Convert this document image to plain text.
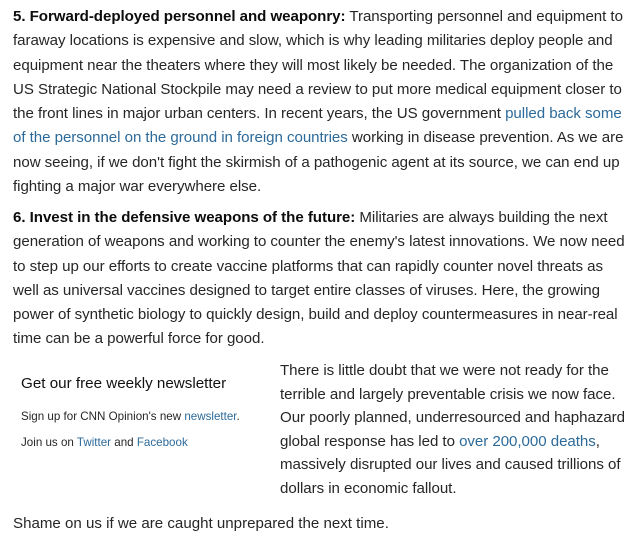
5. Forward-deployed personnel and weaponry: Transporting personnel and equipment to faraway locations is expensive and slow, which is why leading militaries deploy people and equipment near the theaters where they will most likely be needed. The organization of the US Strategic National Stockpile may need a review to put more medical equipment closer to the front lines in major urban centers. In recent years, the US government pulled back some of the personnel on the ground in foreign countries working in disease prevention. As we are now seeing, if we don't fight the skirmish of a pathogenic agent at its source, we can end up fighting a major war everywhere else.

6. Invest in the defensive weapons of the future: Militaries are always building the next generation of weapons and working to counter the enemy's latest innovations. We now need to step up our efforts to create vaccine platforms that can rapidly counter novel threats as well as universal vaccines designed to target entire classes of viruses. Here, the growing power of synthetic biology to quickly design, build and deploy countermeasures in near-real time can be a powerful force for good.

Get our free weekly newsletter

Sign up for CNN Opinion's new newsletter.

Join us on Twitter and Facebook

There is little doubt that we were not ready for the terrible and largely preventable crisis we now face. Our poorly planned, underresourced and haphazard global response has led to over 200,000 deaths, massively disrupted our lives and caused trillions of dollars in economic fallout.

Shame on us if we are caught unprepared the next time.
